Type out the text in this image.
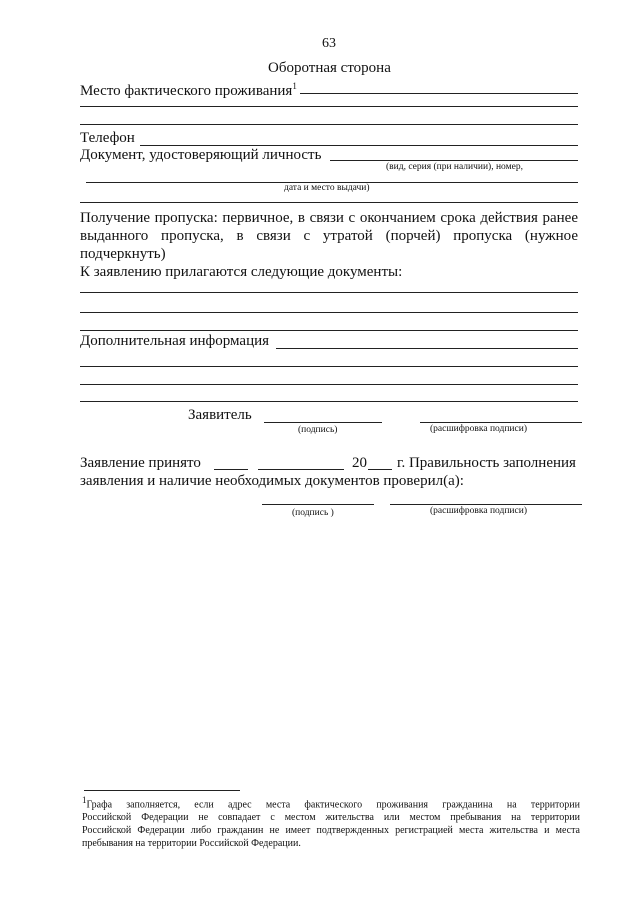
63
Оборотная сторона
Место фактического проживания$^1$
Телефон
Документ, удостоверяющий личность
(вид, серия (при наличии), номер,
дата и место выдачи)
Получение пропуска: первичное, в связи с окончанием срока действия ранее
выданного пропуска, в связи с утратой (порчей) пропуска (нужное
подчеркнуть)
К заявлению прилагаются следующие документы:
Дополнительная информация
Заявитель
(подпись)	(расшифровка подписи)
Заявление принято	20 г. Правильность заполнения
заявления и наличие необходимых документов проверил(а):
(подпись )	(расшифровка подписи)
$^1$Графа заполняется, если адрес места фактического проживания гражданина на территории
Российской Федерации не совпадает с местом жительства или местом пребывания на территории
Российской Федерации либо гражданин не имеет подтвержденных регистрацией места жительства и места
пребывания на территории Российской Федерации.
